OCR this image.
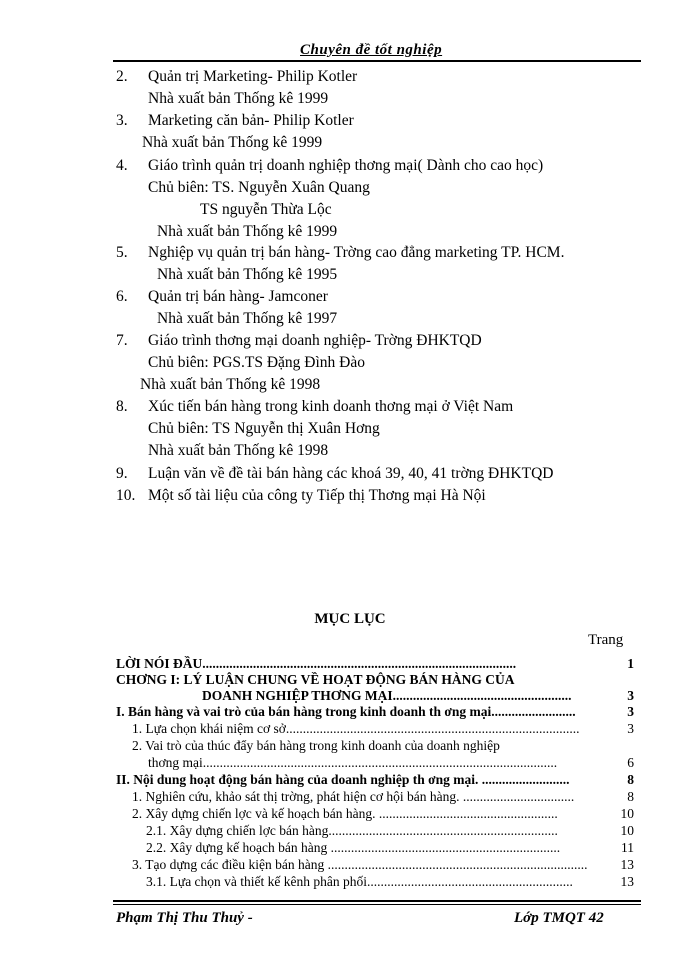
Chuyên đề tốt nghiệp
2. Quản trị Marketing- Philip Kotler
Nhà xuất bản Thống kê 1999
3. Marketing căn bản- Philip Kotler
Nhà xuất bản Thống kê 1999
4. Giáo trình quản trị doanh nghiệp thơng mại( Dành cho cao học)
Chủ biên: TS. Nguyễn Xuân Quang
TS nguyễn Thừa Lộc
Nhà xuất bản Thống kê 1999
5. Nghiệp vụ quản trị bán hàng- Trờng cao đẳng marketing TP. HCM.
Nhà xuất bản Thống kê 1995
6. Quản trị bán hàng- Jamconer
Nhà xuất bản Thống kê 1997
7. Giáo trình thơng mại doanh nghiệp- Trờng ĐHKTQD
Chủ biên: PGS.TS Đặng Đình Đào
Nhà xuất bản Thống kê 1998
8. Xúc tiến bán hàng trong kinh doanh thơng mại ở Việt Nam
Chủ biên: TS Nguyễn thị Xuân Hơng
Nhà xuất bản Thống kê 1998
9. Luận văn về đề tài bán hàng các khoá 39, 40, 41 trờng ĐHKTQD
10. Một số tài liệu của công ty Tiếp thị Thơng mại Hà Nội
MỤC LỤC
Trang
LỜI NÓI ĐẦU.............................................................................................	1
CHƠNG I: LÝ LUẬN CHUNG VỀ HOẠT ĐỘNG BÁN HÀNG CỦA
DOANH NGHIỆP THƠNG MẠI.....................................................	3
I. Bán hàng và vai trò của bán hàng trong kinh doanh th ơng mại.........................	3
1. Lựa chọn khái niệm cơ sở.......................................................................................	3
2. Vai trò của thúc đẩy bán hàng trong kinh doanh của doanh nghiệp
thơng mại.........................................................................................................	6
II. Nội dung hoạt động bán hàng của doanh nghiệp th ơng mại. ..........................	8
1. Nghiên cứu, khảo sát thị trờng, phát hiện cơ hội bán hàng. .................................	8
2. Xây dựng chiến lợc và kế hoạch bán hàng. .....................................................	10
2.1. Xây dựng chiến lợc bán hàng....................................................................	10
2.2. Xây dựng kế hoạch bán hàng ....................................................................	11
3. Tạo dựng các điều kiện bán hàng .............................................................................	13
3.1. Lựa chọn và thiết kế kênh phân phối.............................................................	13
Phạm Thị Thu Thuỷ -	Lớp TMQT 42
